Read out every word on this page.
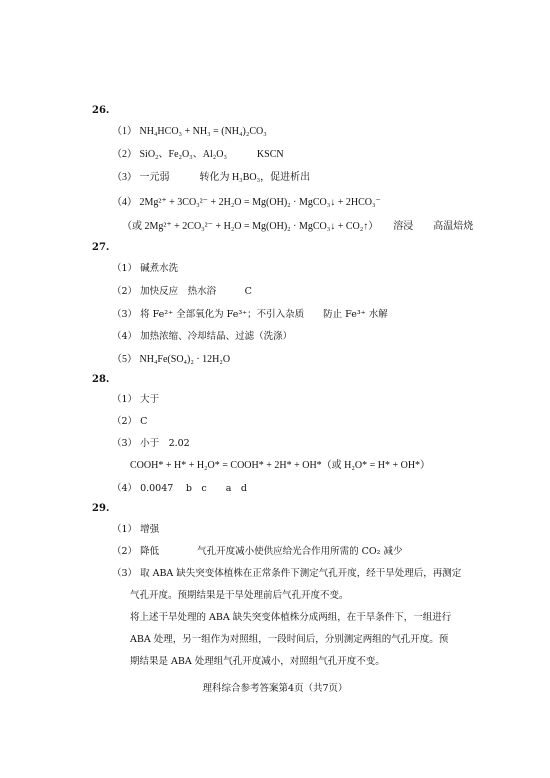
26.
（1） NH₄HCO₃ + NH₃ = (NH₄)₂CO₃
（2） SiO₂、Fe₂O₃、Al₂O₃　　　KSCN
（3） 一元弱　　　转化为 H₃BO₃，促进析出
（4） 2Mg²⁺ + 3CO₃²⁻ + 2H₂O = Mg(OH)₂ · MgCO₃↓ + 2HCO₃⁻
（或 2Mg²⁺ + 2CO₃²⁻ + H₂O = Mg(OH)₂ · MgCO₃↓ + CO₂↑）　　溶浸　　高温焙烧
27.
（1） 碱煮水洗
（2） 加快反应　热水浴　　　C
（3） 将 Fe²⁺ 全部氧化为 Fe³⁺；不引入杂质　　防止 Fe³⁺ 水解
（4） 加热浓缩、冷却结晶、过滤（洗涤）
（5） NH₄Fe(SO₄)₂ · 12H₂O
28.
（1） 大于
（2） C
（3） 小于　2.02
COOH* + H* + H₂O* = COOH* + 2H* + OH*（或 H₂O* = H* + OH*）
（4） 0.0047　 b　c　　a　d
29.
（1） 增强
（2） 降低　　　　气孔开度减小使供应给光合作用所需的 CO₂ 减少
（3） 取 ABA 缺失突变体植株在正常条件下测定气孔开度，经干旱处理后，再测定
气孔开度。预期结果是干旱处理前后气孔开度不变。
将上述干旱处理的 ABA 缺失突变体植株分成两组，在干旱条件下，一组进行
ABA 处理，另一组作为对照组，一段时间后，分别测定两组的气孔开度。预
期结果是 ABA 处理组气孔开度减小，对照组气孔开度不变。
理科综合参考答案第4页（共7页）
